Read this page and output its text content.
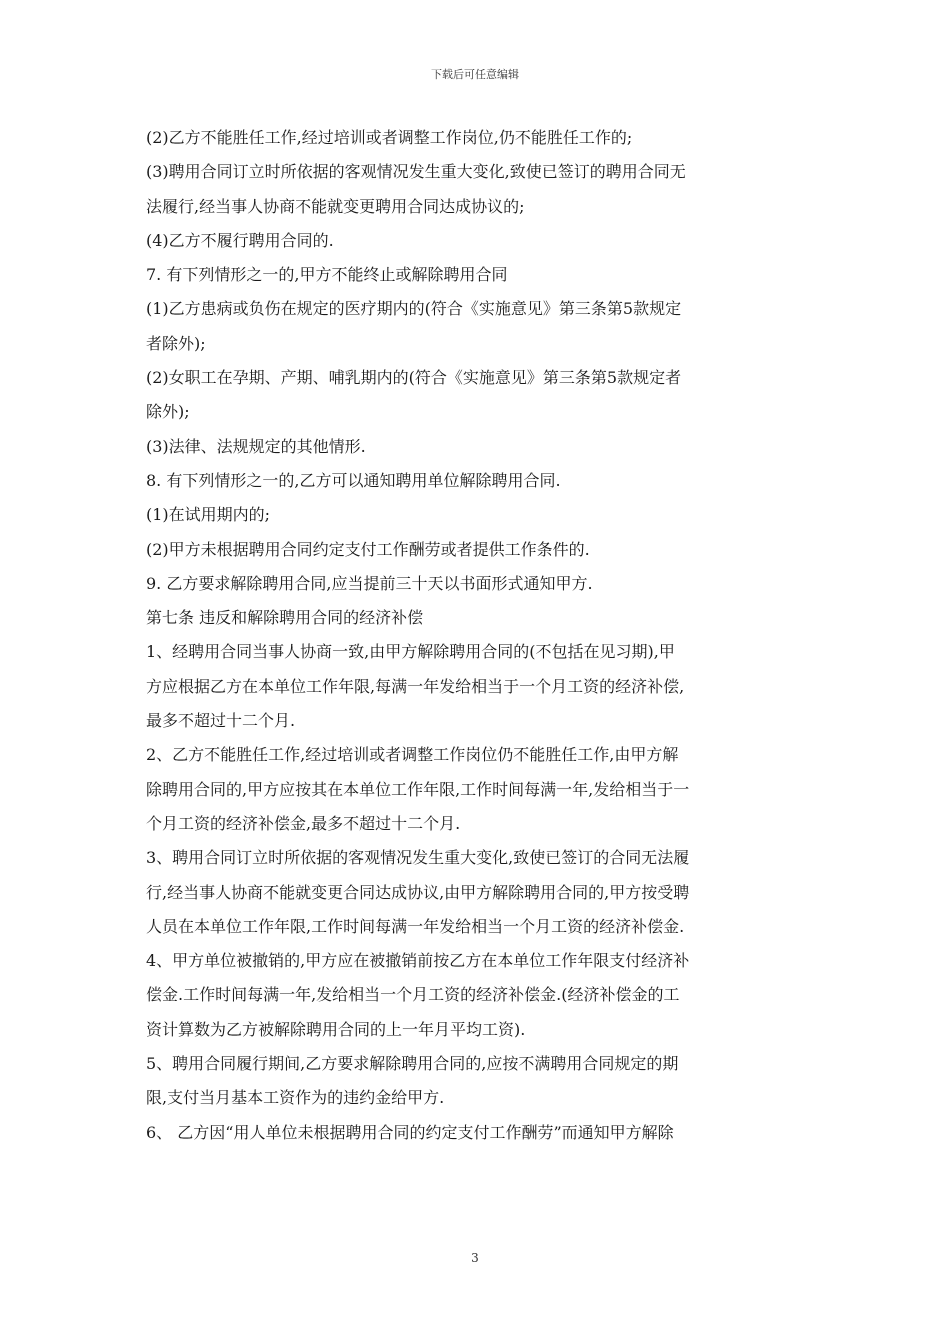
下载后可任意编辑
(2)乙方不能胜任工作,经过培训或者调整工作岗位,仍不能胜任工作的;
(3)聘用合同订立时所依据的客观情况发生重大变化,致使已签订的聘用合同无
法履行,经当事人协商不能就变更聘用合同达成协议的;
(4)乙方不履行聘用合同的.
7. 有下列情形之一的,甲方不能终止或解除聘用合同
(1)乙方患病或负伤在规定的医疗期内的(符合《实施意见》第三条第5款规定
者除外);
(2)女职工在孕期、产期、哺乳期内的(符合《实施意见》第三条第5款规定者
除外);
(3)法律、法规规定的其他情形.
8. 有下列情形之一的,乙方可以通知聘用单位解除聘用合同.
(1)在试用期内的;
(2)甲方未根据聘用合同约定支付工作酬劳或者提供工作条件的.
9. 乙方要求解除聘用合同,应当提前三十天以书面形式通知甲方.
第七条 违反和解除聘用合同的经济补偿
1、经聘用合同当事人协商一致,由甲方解除聘用合同的(不包括在见习期),甲
方应根据乙方在本单位工作年限,每满一年发给相当于一个月工资的经济补偿,
最多不超过十二个月.
2、乙方不能胜任工作,经过培训或者调整工作岗位仍不能胜任工作,由甲方解
除聘用合同的,甲方应按其在本单位工作年限,工作时间每满一年,发给相当于一
个月工资的经济补偿金,最多不超过十二个月.
3、聘用合同订立时所依据的客观情况发生重大变化,致使已签订的合同无法履
行,经当事人协商不能就变更合同达成协议,由甲方解除聘用合同的,甲方按受聘
人员在本单位工作年限,工作时间每满一年发给相当一个月工资的经济补偿金.
4、甲方单位被撤销的,甲方应在被撤销前按乙方在本单位工作年限支付经济补
偿金.工作时间每满一年,发给相当一个月工资的经济补偿金.(经济补偿金的工
资计算数为乙方被解除聘用合同的上一年月平均工资).
5、聘用合同履行期间,乙方要求解除聘用合同的,应按不满聘用合同规定的期
限,支付当月基本工资作为的违约金给甲方.
6、 乙方因“用人单位未根据聘用合同的约定支付工作酬劳”而通知甲方解除
3
